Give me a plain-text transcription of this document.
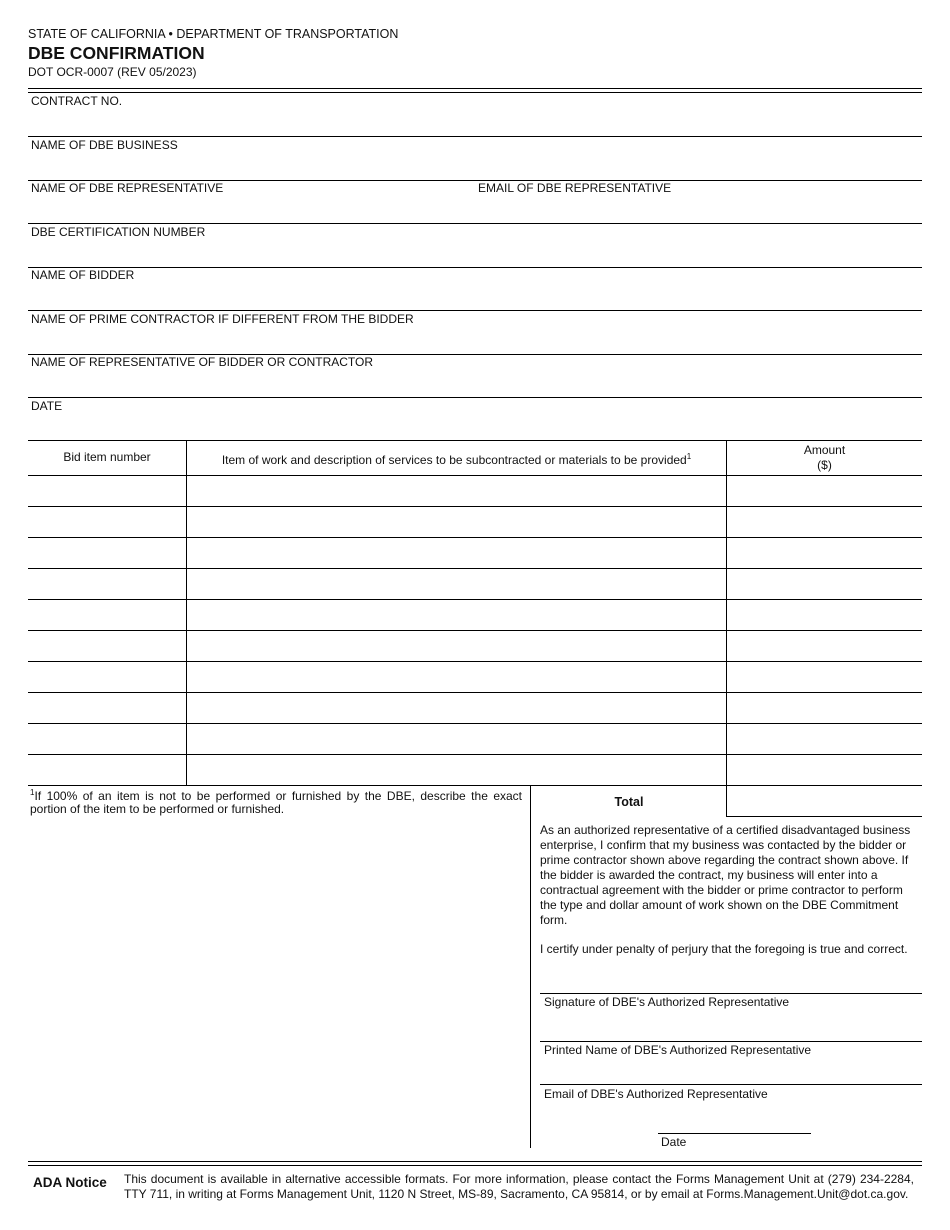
STATE OF CALIFORNIA • DEPARTMENT OF TRANSPORTATION
DBE CONFIRMATION
DOT OCR-0007 (REV 05/2023)
CONTRACT NO.
NAME OF DBE BUSINESS
NAME OF DBE REPRESENTATIVE	EMAIL OF DBE REPRESENTATIVE
DBE CERTIFICATION NUMBER
NAME OF BIDDER
NAME OF PRIME CONTRACTOR IF DIFFERENT FROM THE BIDDER
NAME OF REPRESENTATIVE OF BIDDER OR CONTRACTOR
DATE
Bid item number	Item of work and description of services to be subcontracted or materials to be provided$^1$	Amount
($)
Total
$^1$If 100% of an item is not to be performed or furnished by the DBE, describe the exact portion of the item to be performed or furnished.
As an authorized representative of a certified disadvantaged business enterprise, I confirm that my business was contacted by the bidder or prime contractor shown above regarding the contract shown above. If the bidder is awarded the contract, my business will enter into a contractual agreement with the bidder or prime contractor to perform the type and dollar amount of work shown on the DBE Commitment form.
I certify under penalty of perjury that the foregoing is true and correct.
Signature of DBE's Authorized Representative
Printed Name of DBE's Authorized Representative
Email of DBE's Authorized Representative
Date
ADA Notice This document is available in alternative accessible formats. For more information, please contact the Forms Management Unit at (279) 234-2284, TTY 711, in writing at Forms Management Unit, 1120 N Street, MS-89, Sacramento, CA 95814, or by email at Forms.Management.Unit@dot.ca.gov.
